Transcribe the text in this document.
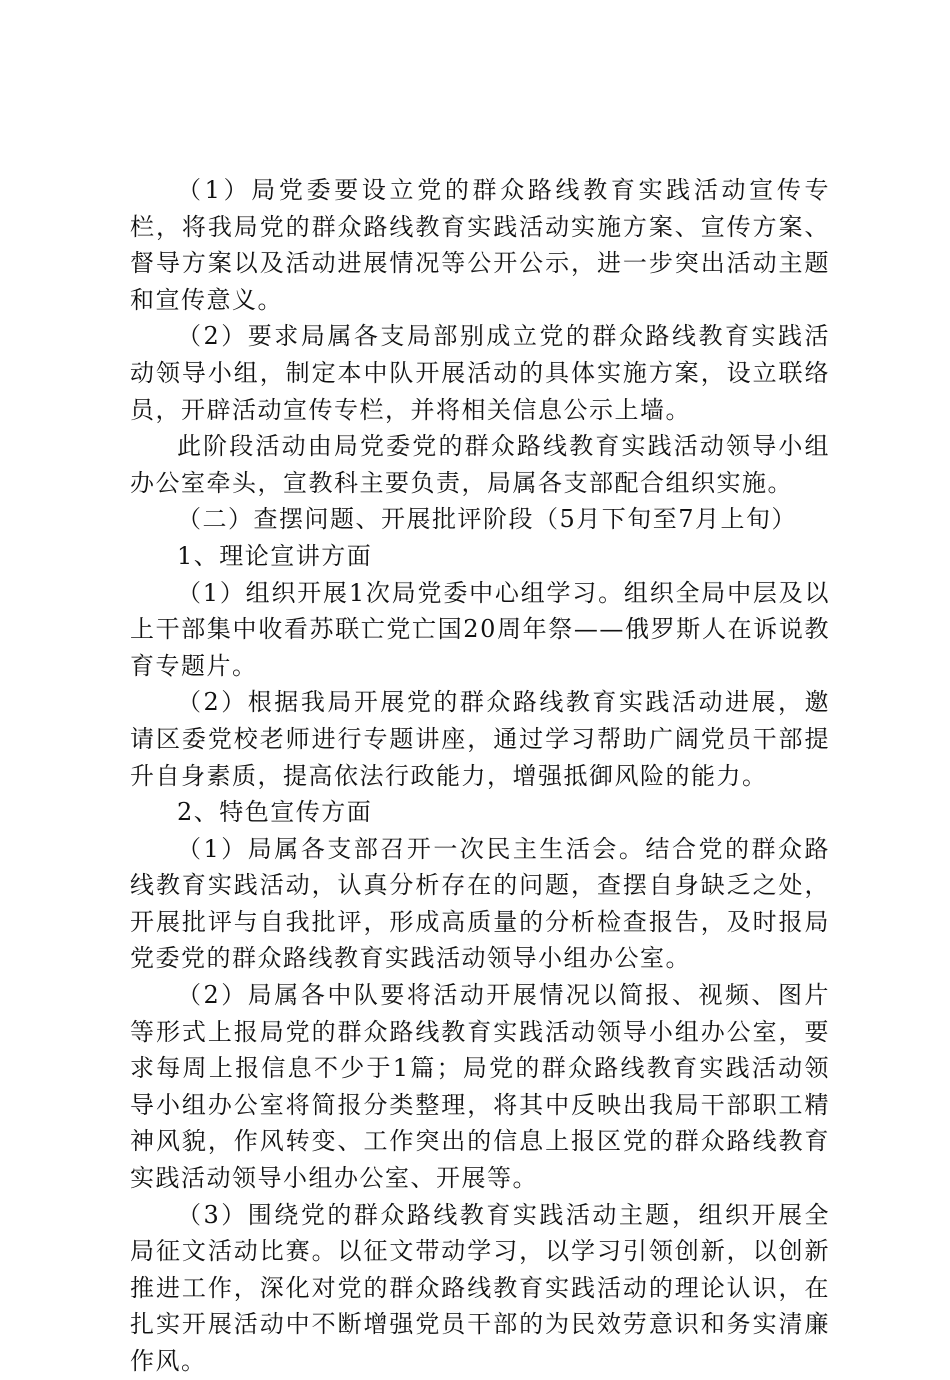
（1）局党委要设立党的群众路线教育实践活动宣传专栏，将我局党的群众路线教育实践活动实施方案、宣传方案、督导方案以及活动进展情况等公开公示，进一步突出活动主题和宣传意义。

（2）要求局属各支局部别成立党的群众路线教育实践活动领导小组，制定本中队开展活动的具体实施方案，设立联络员，开辟活动宣传专栏，并将相关信息公示上墙。

此阶段活动由局党委党的群众路线教育实践活动领导小组办公室牵头，宣教科主要负责，局属各支部配合组织实施。

（二）查摆问题、开展批评阶段（5月下旬至7月上旬）

1、理论宣讲方面

（1）组织开展1次局党委中心组学习。组织全局中层及以上干部集中收看苏联亡党亡国20周年祭——俄罗斯人在诉说教育专题片。

（2）根据我局开展党的群众路线教育实践活动进展，邀请区委党校老师进行专题讲座，通过学习帮助广阔党员干部提升自身素质，提高依法行政能力，增强抵御风险的能力。

2、特色宣传方面

（1）局属各支部召开一次民主生活会。结合党的群众路线教育实践活动，认真分析存在的问题，查摆自身缺乏之处，开展批评与自我批评，形成高质量的分析检查报告，及时报局党委党的群众路线教育实践活动领导小组办公室。

（2）局属各中队要将活动开展情况以简报、视频、图片等形式上报局党的群众路线教育实践活动领导小组办公室，要求每周上报信息不少于1篇；局党的群众路线教育实践活动领导小组办公室将简报分类整理，将其中反映出我局干部职工精神风貌，作风转变、工作突出的信息上报区党的群众路线教育实践活动领导小组办公室、开展等。

（3）围绕党的群众路线教育实践活动主题，组织开展全局征文活动比赛。以征文带动学习，以学习引领创新，以创新推进工作，深化对党的群众路线教育实践活动的理论认识，在扎实开展活动中不断增强党员干部的为民效劳意识和务实清廉作风。
